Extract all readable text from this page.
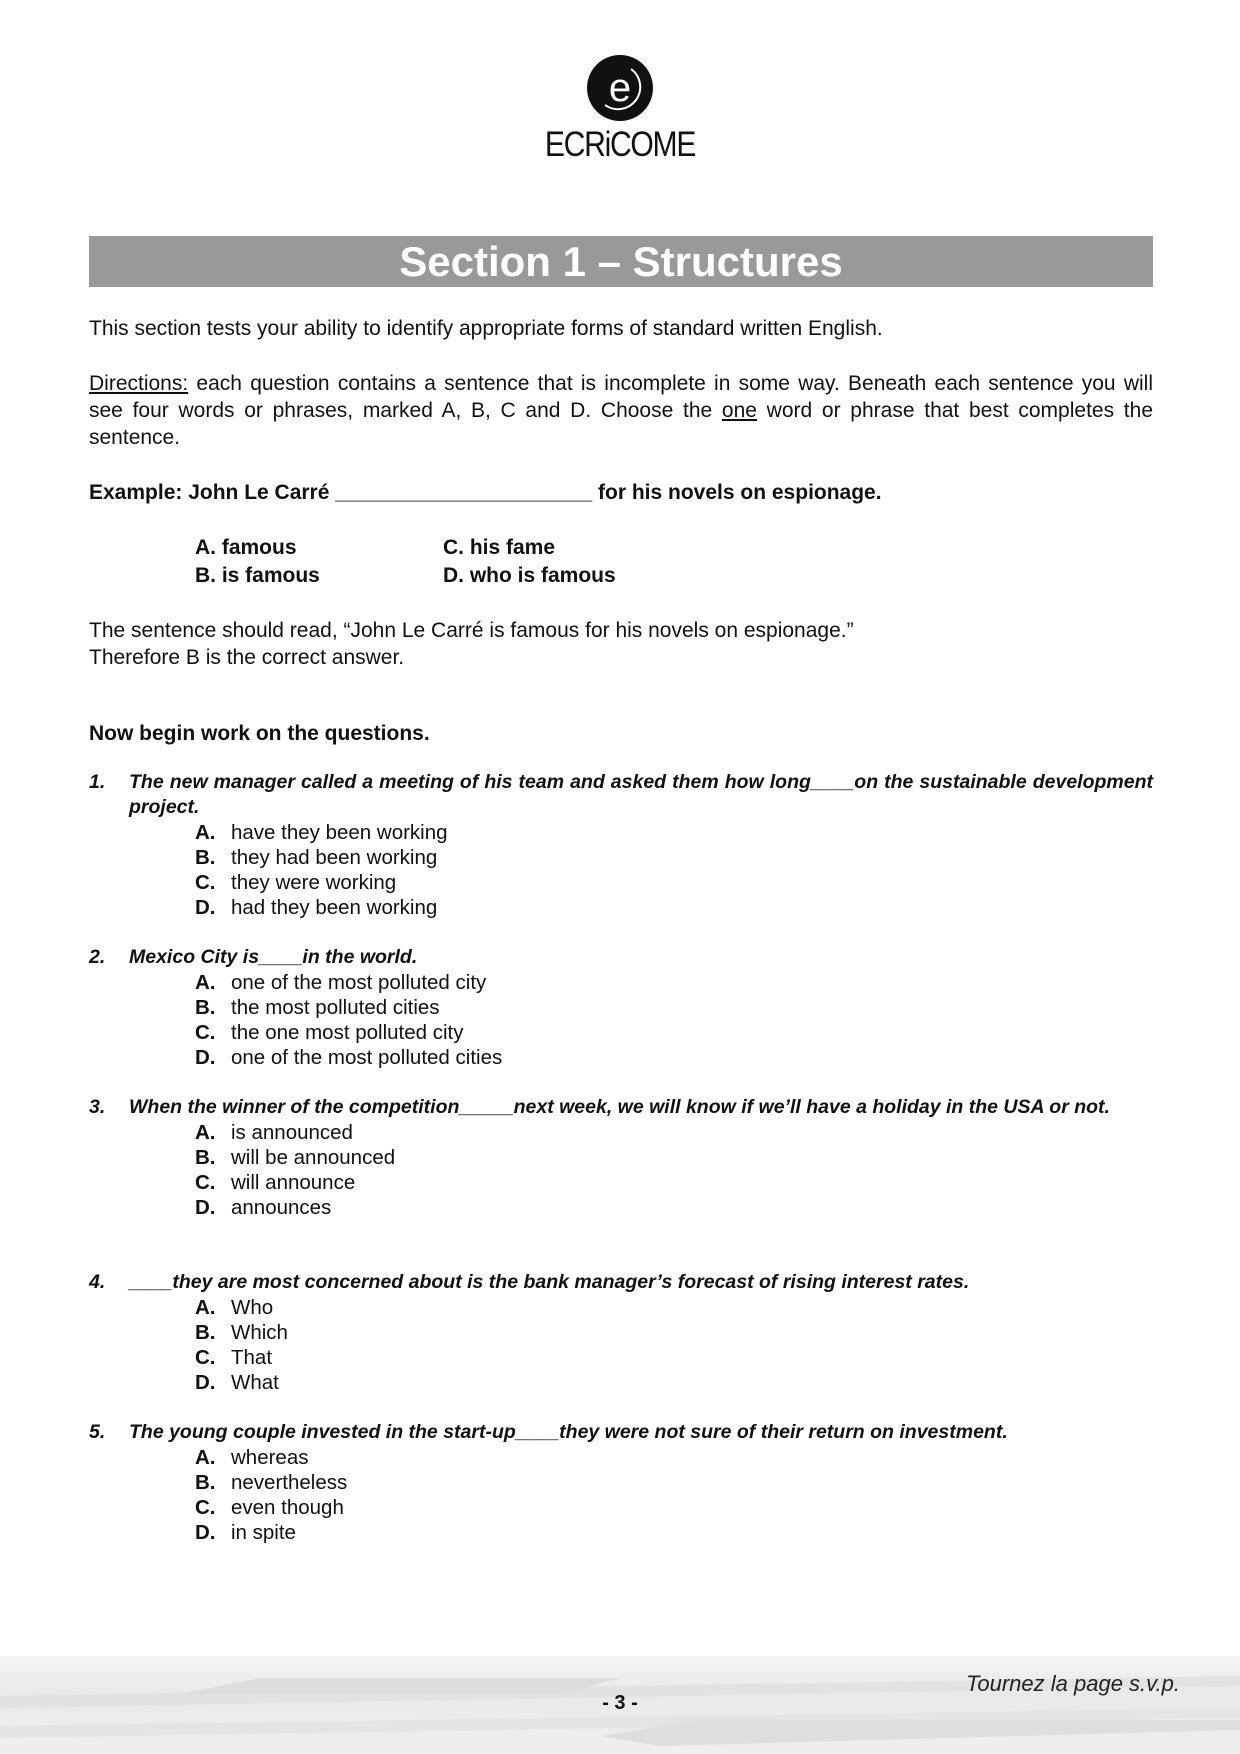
e
ECRiCOME
Section 1 – Structures
This section tests your ability to identify appropriate forms of standard written English.
Directions: each question contains a sentence that is incomplete in some way. Beneath each sentence you will see four words or phrases, marked A, B, C and D. Choose the one word or phrase that best completes the sentence.
Example: John Le Carré ______________________ for his novels on espionage.
A. famous
B. is famous
C. his fame
D. who is famous
The sentence should read, “John Le Carré is famous for his novels on espionage.”
Therefore B is the correct answer.
Now begin work on the questions.
1. The new manager called a meeting of his team and asked them how long____on the sustainable development project.
A. have they been working
B. they had been working
C. they were working
D. had they been working
2. Mexico City is____in the world.
A. one of the most polluted city
B. the most polluted cities
C. the one most polluted city
D. one of the most polluted cities
3. When the winner of the competition_____next week, we will know if we’ll have a holiday in the USA or not.
A. is announced
B. will be announced
C. will announce
D. announces
4. ____they are most concerned about is the bank manager’s forecast of rising interest rates.
A. Who
B. Which
C. That
D. What
5. The young couple invested in the start-up____they were not sure of their return on investment.
A. whereas
B. nevertheless
C. even though
D. in spite
Tournez la page s.v.p.
- 3 -
